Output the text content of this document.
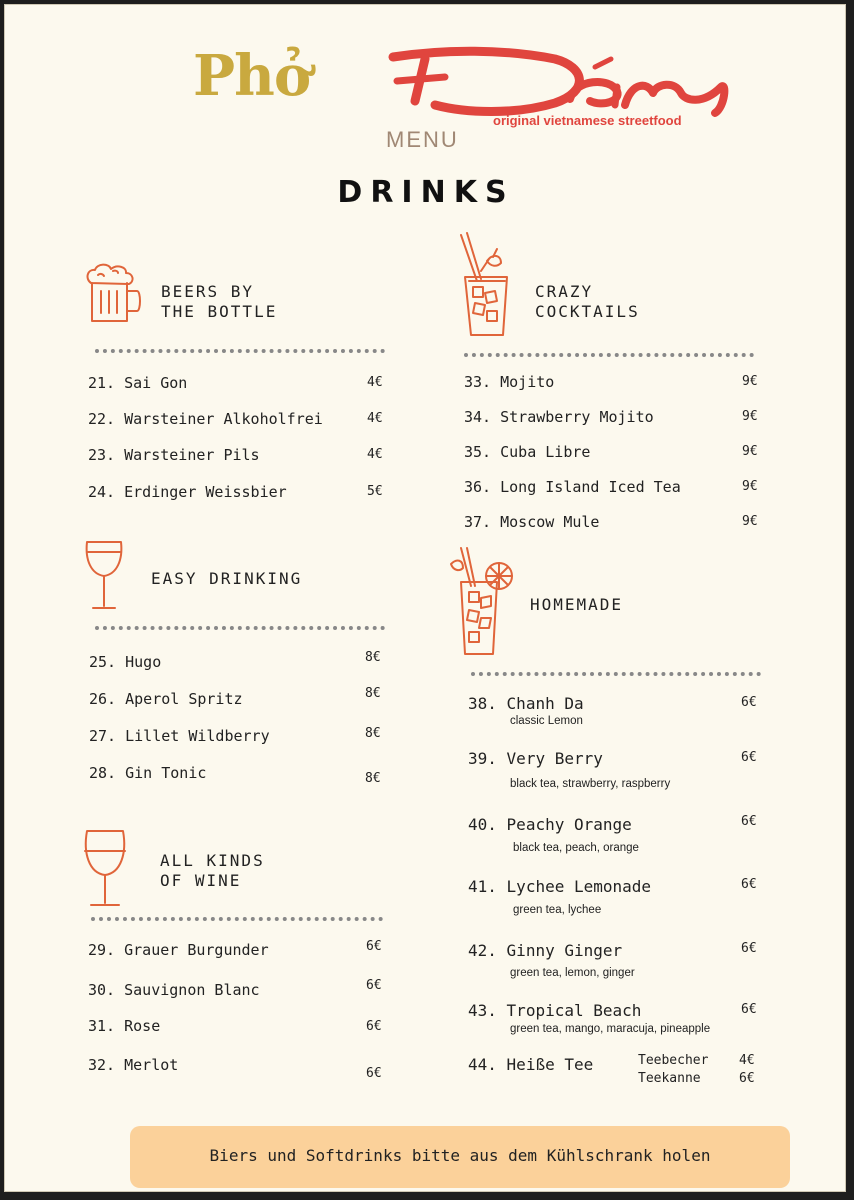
Phở
original vietnamese streetfood
MENU
DRINKS
BEERS BY
THE BOTTLE
21. Sai Gon	4€
22. Warsteiner Alkoholfrei	4€
23. Warsteiner Pils	4€
24. Erdinger Weissbier	5€
EASY DRINKING
25. Hugo	8€
26. Aperol Spritz	8€
27. Lillet Wildberry	8€
28. Gin Tonic	8€
ALL KINDS
OF WINE
29. Grauer Burgunder	6€
30. Sauvignon Blanc	6€
31. Rose	6€
32. Merlot	6€
CRAZY
COCKTAILS
33. Mojito	9€
34. Strawberry Mojito	9€
35. Cuba Libre	9€
36. Long Island Iced Tea	9€
37. Moscow Mule	9€
HOMEMADE
38. Chanh Da	6€
classic Lemon
39. Very Berry	6€
black tea, strawberry, raspberry
40. Peachy Orange	6€
black tea, peach, orange
41. Lychee Lemonade	6€
green tea, lychee
42. Ginny Ginger	6€
green tea, lemon, ginger
43. Tropical Beach	6€
green tea, mango, maracuja, pineapple
44. Heiße Tee	Teebecher 4€
Teekanne	6€
Biers und Softdrinks bitte aus dem Kühlschrank holen
